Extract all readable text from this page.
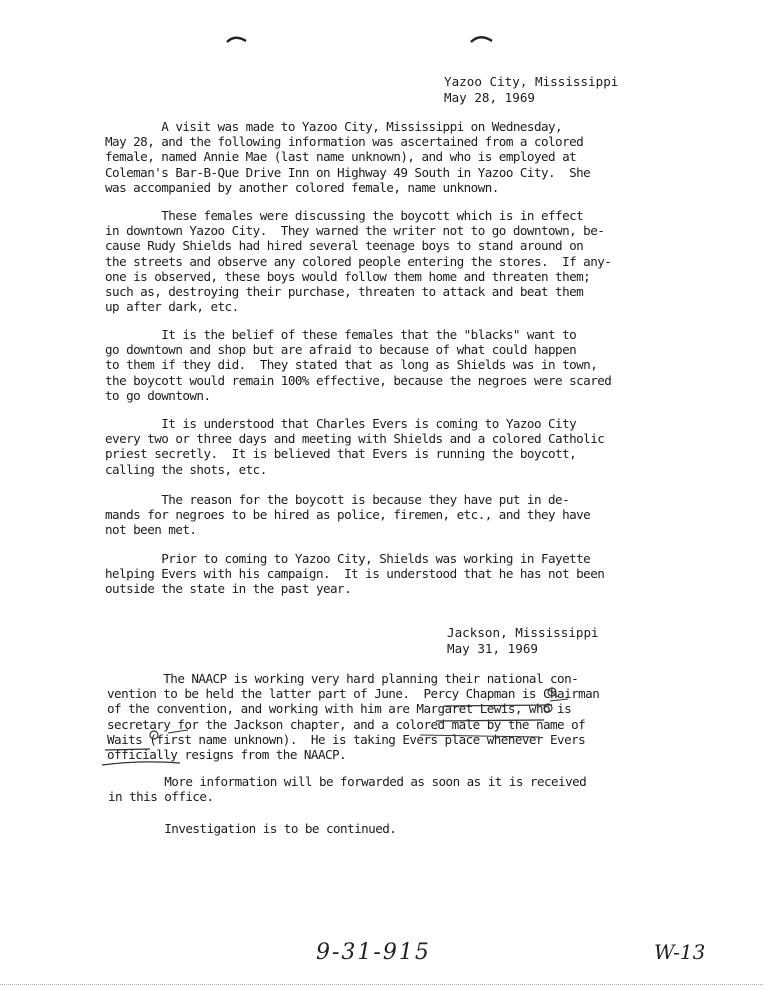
Yazoo City, Mississippi
May 28, 1969
A visit was made to Yazoo City, Mississippi on Wednesday,
May 28, and the following information was ascertained from a colored
female, named Annie Mae (last name unknown), and who is employed at
Coleman's Bar-B-Que Drive Inn on Highway 49 South in Yazoo City.  She
was accompanied by another colored female, name unknown.
These females were discussing the boycott which is in effect
in downtown Yazoo City.  They warned the writer not to go downtown, be-
cause Rudy Shields had hired several teenage boys to stand around on
the streets and observe any colored people entering the stores.  If any-
one is observed, these boys would follow them home and threaten them;
such as, destroying their purchase, threaten to attack and beat them
up after dark, etc.
It is the belief of these females that the "blacks" want to
go downtown and shop but are afraid to because of what could happen
to them if they did.  They stated that as long as Shields was in town,
the boycott would remain 100% effective, because the negroes were scared
to go downtown.
It is understood that Charles Evers is coming to Yazoo City
every two or three days and meeting with Shields and a colored Catholic
priest secretly.  It is believed that Evers is running the boycott,
calling the shots, etc.
The reason for the boycott is because they have put in de-
mands for negroes to be hired as police, firemen, etc., and they have
not been met.
Prior to coming to Yazoo City, Shields was working in Fayette
helping Evers with his campaign.  It is understood that he has not been
outside the state in the past year.
Jackson, Mississippi
May 31, 1969
The NAACP is working very hard planning their national con-
vention to be held the latter part of June.  Percy Chapman is Chairman
of the convention, and working with him are Margaret Lewis, who is
secretary for the Jackson chapter, and a colored male by the name of
Waits (first name unknown).  He is taking Evers place whenever Evers
officially resigns from the NAACP.
More information will be forwarded as soon as it is received
in this office.
Investigation is to be continued.
9-31-915	W-13
